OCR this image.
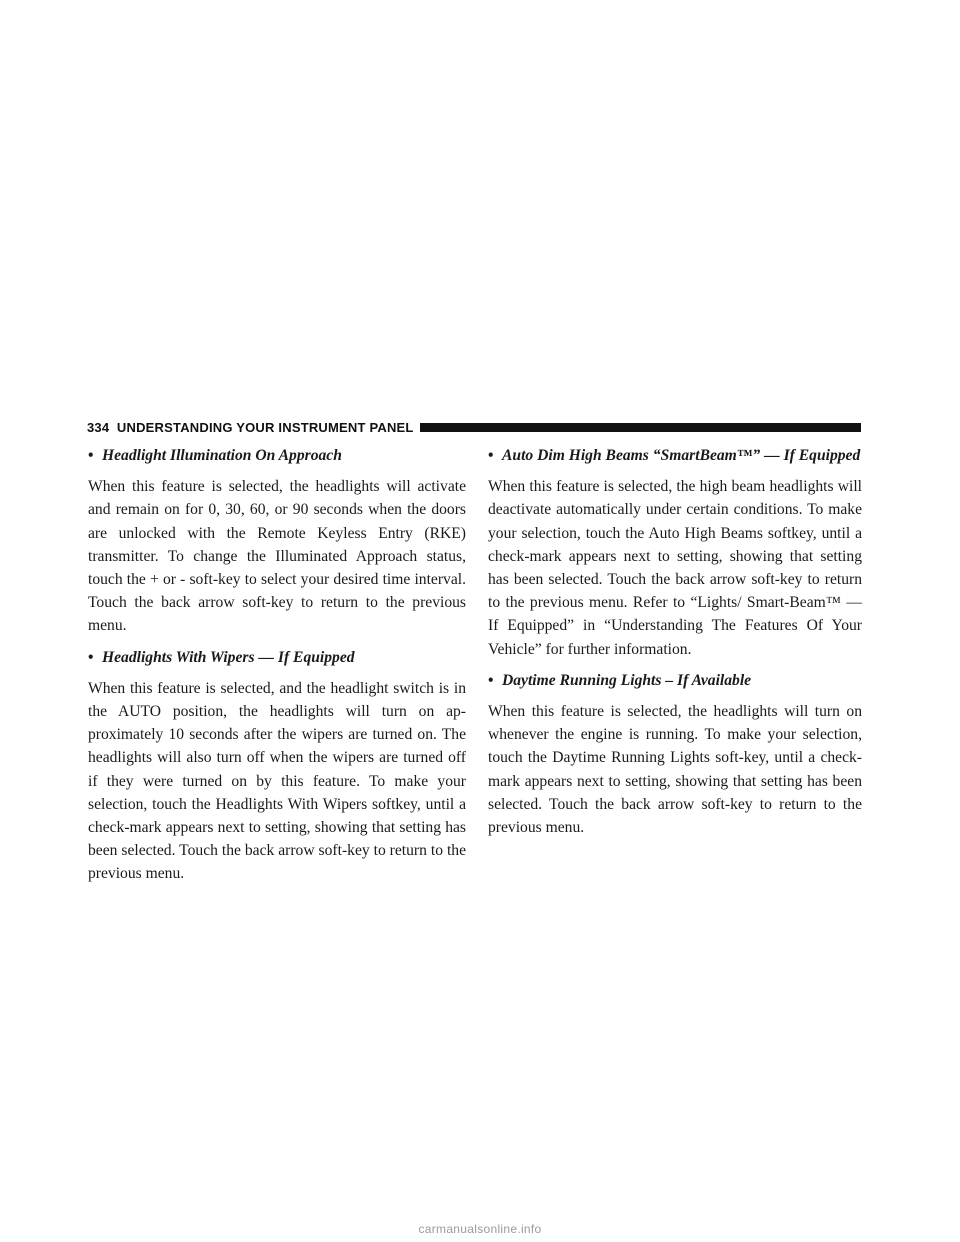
334 UNDERSTANDING YOUR INSTRUMENT PANEL

• Headlight Illumination On Approach

When this feature is selected, the headlights will activate and remain on for 0, 30, 60, or 90 seconds when the doors are unlocked with the Remote Keyless Entry (RKE) transmitter. To change the Illuminated Approach status, touch the + or - soft-key to select your desired time interval. Touch the back arrow soft-key to return to the previous menu.

• Headlights With Wipers — If Equipped

When this feature is selected, and the headlight switch is in the AUTO position, the headlights will turn on approximately 10 seconds after the wipers are turned on. The headlights will also turn off when the wipers are turned off if they were turned on by this feature. To make your selection, touch the Headlights With Wipers softkey, until a check-mark appears next to setting, showing that setting has been selected. Touch the back arrow soft-key to return to the previous menu.

• Auto Dim High Beams “SmartBeam™” — If Equipped

When this feature is selected, the high beam headlights will deactivate automatically under certain conditions. To make your selection, touch the Auto High Beams softkey, until a check-mark appears next to setting, showing that setting has been selected. Touch the back arrow soft-key to return to the previous menu. Refer to “Lights/ Smart-Beam™ — If Equipped” in “Understanding The Features Of Your Vehicle” for further information.

• Daytime Running Lights – If Available

When this feature is selected, the headlights will turn on whenever the engine is running. To make your selection, touch the Daytime Running Lights soft-key, until a check-mark appears next to setting, showing that setting has been selected. Touch the back arrow soft-key to return to the previous menu.

carmanualsonline.info
